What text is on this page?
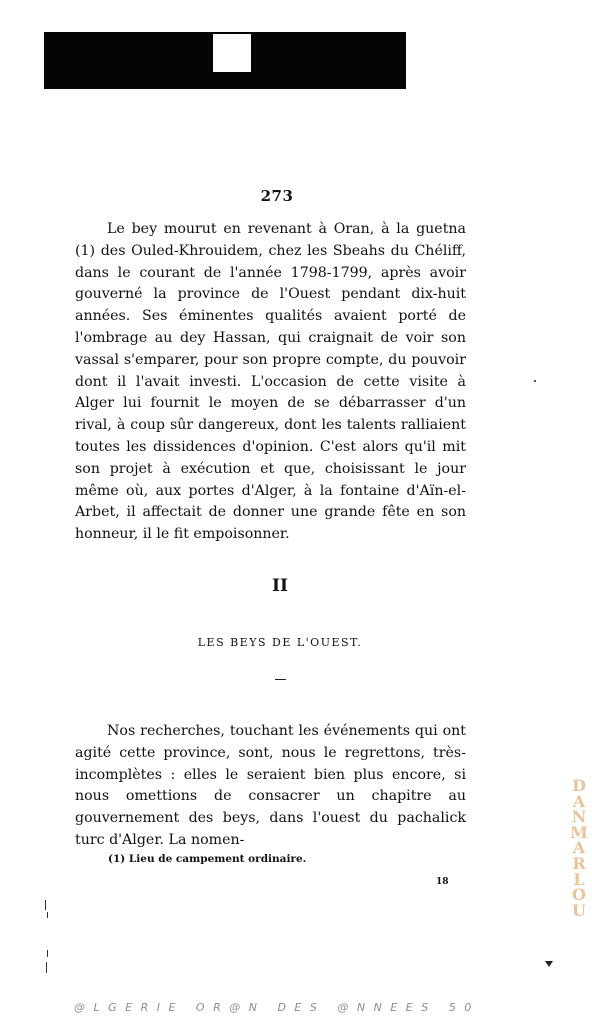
273

Le bey mourut en revenant à Oran, à la guetna (1) des Ouled-Khrouidem, chez les Sbeahs du Chéliff, dans le courant de l'année 1798-1799, après avoir gouverné la province de l'Ouest pendant dix-huit années. Ses éminentes qualités avaient porté de l'ombrage au dey Hassan, qui craignait de voir son vassal s'emparer, pour son propre compte, du pouvoir dont il l'avait investi. L'occasion de cette visite à Alger lui fournit le moyen de se débarrasser d'un rival, à coup sûr dangereux, dont les talents ralliaient toutes les dissidences d'opinion. C'est alors qu'il mit son projet à exécution et que, choisissant le jour même où, aux portes d'Alger, à la fontaine d'Aïn-el-Arbet, il affectait de donner une grande fête en son honneur, il le fit empoisonner.

II
LES BEYS DE L'OUEST.

Nos recherches, touchant les événements qui ont agité cette province, sont, nous le regrettons, très-incomplètes : elles le seraient bien plus encore, si nous omettions de consacrer un chapitre au gouvernement des beys, dans l'ouest du pachalick turc d'Alger. La nomen-

(1) Lieu de campement ordinaire.
18
D
A
N
M
A
R
L
O
U
@LGERIE OR@N DES @NNEES 50
